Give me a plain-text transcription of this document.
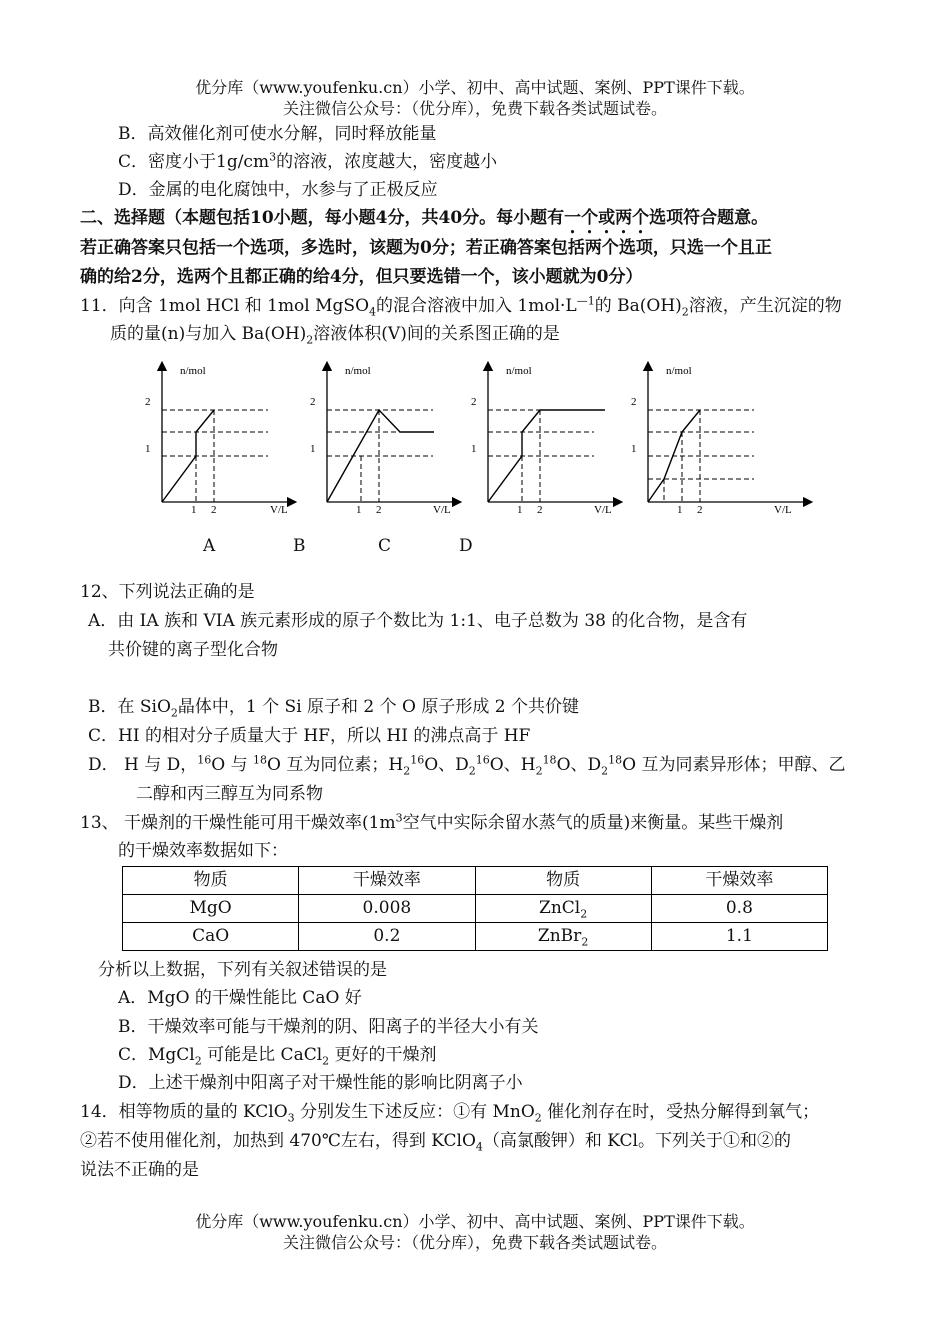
优分库（www.youfenku.cn）小学、初中、高中试题、案例、PPT课件下载。
关注微信公众号：（优分库），免费下载各类试题试卷。
B．高效催化剂可使水分解，同时释放能量
C．密度小于$1g/cm^3$的溶液，浓度越大，密度越小
D．金属的电化腐蚀中，水参与了正极反应
二、选择题（本题包括10小题，每小题4分，共40分。每小题有一个或两个选项符合题意。
若正确答案只包括一个选项，多选时，该题为0分；若正确答案包括两个选项，只选一个且正
确的给2分，选两个且都正确的给4分，但只要选错一个，该小题就为0分）
11．向含 1mol HCl 和 1mol MgSO$_4$的混合溶液中加入 $1mol\cdot L^{—1}$的 $Ba(OH)_2$溶液，产生沉淀的物
质的量(n)与加入 $Ba(OH)_2$溶液体积(V)间的关系图正确的是
n/mol
2
1
1 2	V/L
n/mol
2
1
1 2	V/L
n/mol
2
1
1 2	V/L
n/mol
2
1
1 2	V/L
A	B	C	D
12、下列说法正确的是
A．由 IA 族和 VIA 族元素形成的原子个数比为 1:1、电子总数为 38 的化合物，是含有
共价键的离子型化合物
B．在 SiO$_2$晶体中，1 个 Si 原子和 2 个 O 原子形成 2 个共价键
C．HI 的相对分子质量大于 HF，所以 HI 的沸点高于 HF
D． H 与 D，$^{16}$O 与 $^{18}$O 互为同位素；$H_2^{16}O$、$D_2^{16}O$、$H_2^{18}O$、$D_2^{18}O$ 互为同素异形体；甲醇、乙
二醇和丙三醇互为同系物
13、 干燥剂的干燥性能可用干燥效率($1m^3$空气中实际余留水蒸气的质量)来衡量。某些干燥剂
的干燥效率数据如下：
物质	干燥效率	物质	干燥效率
MgO	0.008	ZnCl$_2$	0.8
CaO	0.2	ZnBr$_2$	1.1
分析以上数据，下列有关叙述错误的是
A．MgO 的干燥性能比 CaO 好
B．干燥效率可能与干燥剂的阴、阳离子的半径大小有关
C．MgCl$_2$ 可能是比 CaCl$_2$ 更好的干燥剂
D．上述干燥剂中阳离子对干燥性能的影响比阴离子小
14．相等物质的量的 KClO$_3$ 分别发生下述反应：①有 MnO$_2$ 催化剂存在时，受热分解得到氧气；
②若不使用催化剂，加热到 470℃左右，得到 KClO$_4$（高氯酸钾）和 KCl。下列关于①和②的
说法不正确的是
优分库（www.youfenku.cn）小学、初中、高中试题、案例、PPT课件下载。
关注微信公众号：（优分库），免费下载各类试题试卷。
